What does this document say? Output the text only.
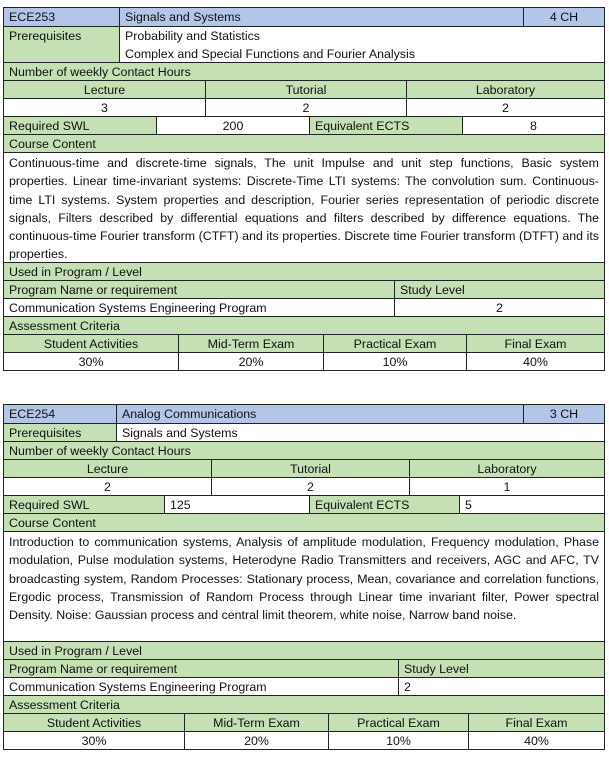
ECE253	Signals and Systems	4 CH
Prerequisites	Probability and Statistics
Complex and Special Functions and Fourier Analysis
Number of weekly Contact Hours
Lecture	Tutorial	Laboratory
3	2	2
Required SWL	200	Equivalent ECTS	8
Course Content
Continuous-time and discrete-time signals, The unit Impulse and unit step functions, Basic system properties. Linear time-invariant systems: Discrete-Time LTI systems: The convolution sum. Continuous-time LTI systems. System properties and description, Fourier series representation of periodic discrete signals, Filters described by differential equations and filters described by difference equations. The continuous-time Fourier transform (CTFT) and its properties. Discrete time Fourier transform (DTFT) and its properties.
Used in Program / Level
Program Name or requirement	Study Level
Communication Systems Engineering Program	2
Assessment Criteria
Student Activities	Mid-Term Exam	Practical Exam	Final Exam
30%	20%	10%	40%
ECE254	Analog Communications	3 CH
Prerequisites	Signals and Systems
Number of weekly Contact Hours
Lecture	Tutorial	Laboratory
2	2	1
Required SWL	125	Equivalent ECTS	5
Course Content
Introduction to communication systems, Analysis of amplitude modulation, Frequency modulation, Phase modulation, Pulse modulation systems, Heterodyne Radio Transmitters and receivers, AGC and AFC, TV broadcasting system, Random Processes: Stationary process, Mean, covariance and correlation functions, Ergodic process, Transmission of Random Process through Linear time invariant filter, Power spectral Density. Noise: Gaussian process and central limit theorem, white noise, Narrow band noise.
Used in Program / Level
Program Name or requirement	Study Level
Communication Systems Engineering Program	2
Assessment Criteria
Student Activities	Mid-Term Exam	Practical Exam	Final Exam
30%	20%	10%	40%
